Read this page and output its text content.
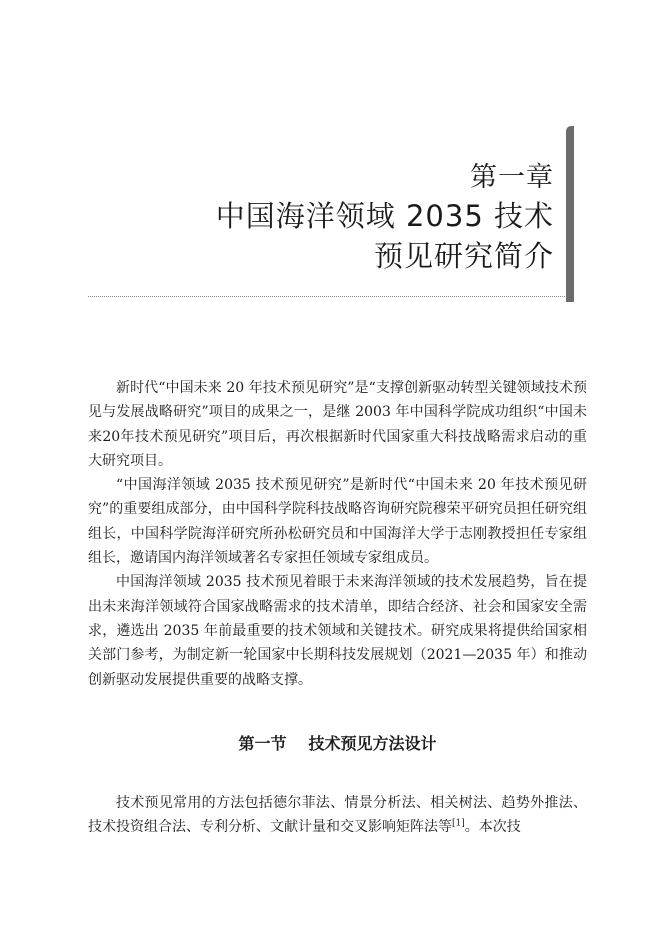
第一章
中国海洋领域 2035 技术
预见研究简介

新时代“中国未来 20 年技术预见研究”是“支撑创新驱动转型关键领域技术预见与发展战略研究”项目的成果之一，是继 2003 年中国科学院成功组织“中国未来20年技术预见研究”项目后，再次根据新时代国家重大科技战略需求启动的重大研究项目。

“中国海洋领域 2035 技术预见研究”是新时代“中国未来 20 年技术预见研究”的重要组成部分，由中国科学院科技战略咨询研究院穆荣平研究员担任研究组组长，中国科学院海洋研究所孙松研究员和中国海洋大学于志刚教授担任专家组组长，邀请国内海洋领域著名专家担任领域专家组成员。

中国海洋领域 2035 技术预见着眼于未来海洋领域的技术发展趋势，旨在提出未来海洋领域符合国家战略需求的技术清单，即结合经济、社会和国家安全需求，遴选出 2035 年前最重要的技术领域和关键技术。研究成果将提供给国家相关部门参考，为制定新一轮国家中长期科技发展规划（2021—2035 年）和推动创新驱动发展提供重要的战略支撑。

第一节 技术预见方法设计

技术预见常用的方法包括德尔菲法、情景分析法、相关树法、趋势外推法、技术投资组合法、专利分析、文献计量和交叉影响矩阵法等[1]。本次技
